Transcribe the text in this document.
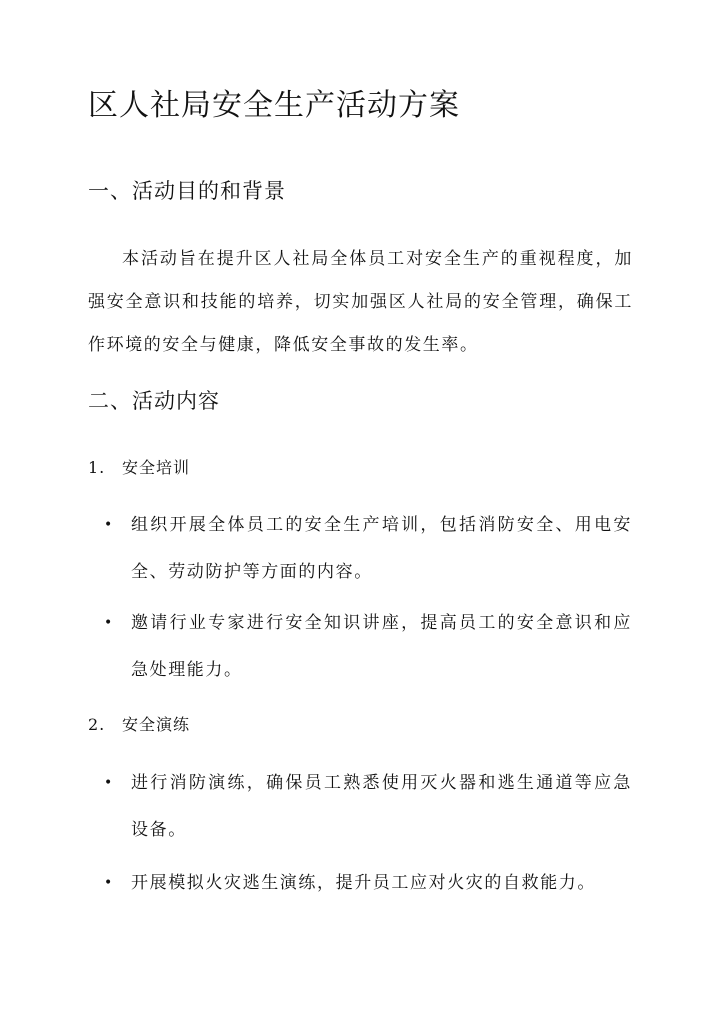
区人社局安全生产活动方案
一、活动目的和背景
本活动旨在提升区人社局全体员工对安全生产的重视程度，加强安全意识和技能的培养，切实加强区人社局的安全管理，确保工作环境的安全与健康，降低安全事故的发生率。
二、活动内容
1. 安全培训
• 组织开展全体员工的安全生产培训，包括消防安全、用电安全、劳动防护等方面的内容。
• 邀请行业专家进行安全知识讲座，提高员工的安全意识和应急处理能力。
2. 安全演练
• 进行消防演练，确保员工熟悉使用灭火器和逃生通道等应急设备。
• 开展模拟火灾逃生演练，提升员工应对火灾的自救能力。
